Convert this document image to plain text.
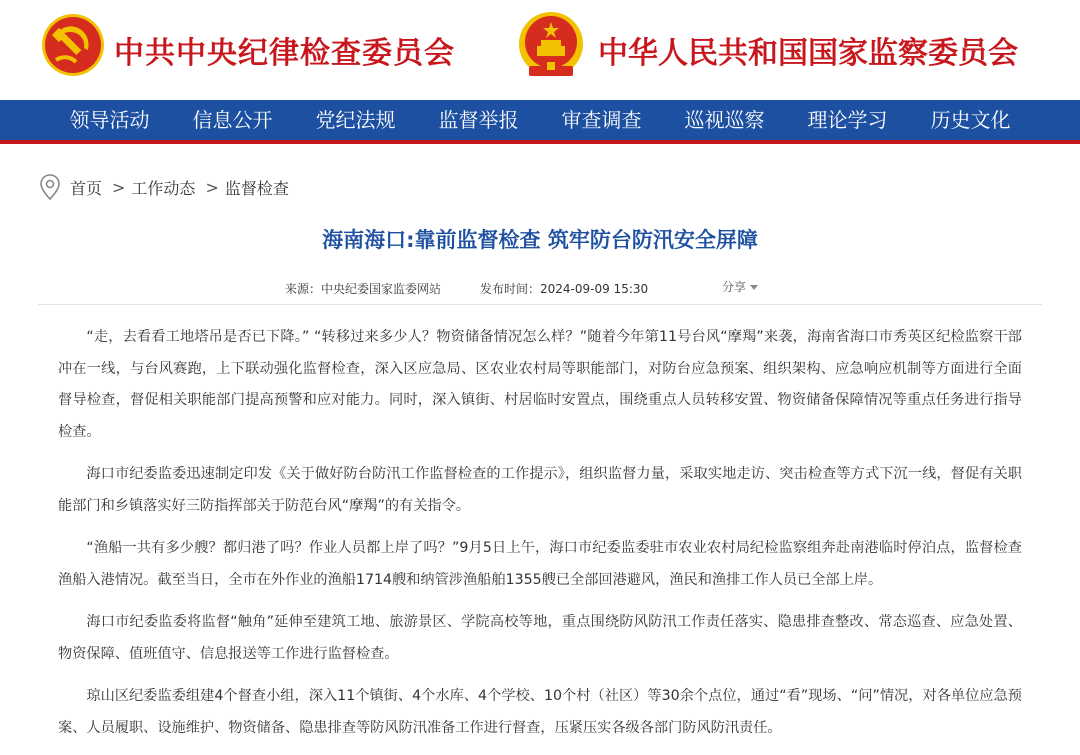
中共中央纪律检查委员会	中华人民共和国国家监察委员会
领导活动	信息公开	党纪法规	监督举报	审查调查	巡视巡察	理论学习	历史文化
首页 > 工作动态 > 监督检查
海南海口:靠前监督检查 筑牢防台防汛安全屏障
来源：中央纪委国家监委网站	发布时间：2024-09-09 15:30	分享

“走，去看看工地塔吊是否已下降。” “转移过来多少人？物资储备情况怎么样？”随着今年第11号台风“摩羯”来袭，海南省海口市秀英区纪检监察干部冲在一线，与台风赛跑，上下联动强化监督检查，深入区应急局、区农业农村局等职能部门，对防台应急预案、组织架构、应急响应机制等方面进行全面督导检查，督促相关职能部门提高预警和应对能力。同时，深入镇街、村居临时安置点，围绕重点人员转移安置、物资储备保障情况等重点任务进行指导检查。

海口市纪委监委迅速制定印发《关于做好防台防汛工作监督检查的工作提示》，组织监督力量，采取实地走访、突击检查等方式下沉一线，督促有关职能部门和乡镇落实好三防指挥部关于防范台风“摩羯”的有关指令。

“渔船一共有多少艘？都归港了吗？作业人员都上岸了吗？”9月5日上午，海口市纪委监委驻市农业农村局纪检监察组奔赴南港临时停泊点，监督检查渔船入港情况。截至当日，全市在外作业的渔船1714艘和纳管涉渔船舶1355艘已全部回港避风，渔民和渔排工作人员已全部上岸。

海口市纪委监委将监督“触角”延伸至建筑工地、旅游景区、学院高校等地，重点围绕防风防汛工作责任落实、隐患排查整改、常态巡查、应急处置、物资保障、值班值守、信息报送等工作进行监督检查。

琼山区纪委监委组建4个督查小组，深入11个镇街、4个水库、4个学校、10个村（社区）等30余个点位，通过“看”现场、“问”情况，对各单位应急预案、人员履职、设施维护、物资储备、隐患排查等防风防汛准备工作进行督查，压紧压实各级各部门防风防汛责任。
